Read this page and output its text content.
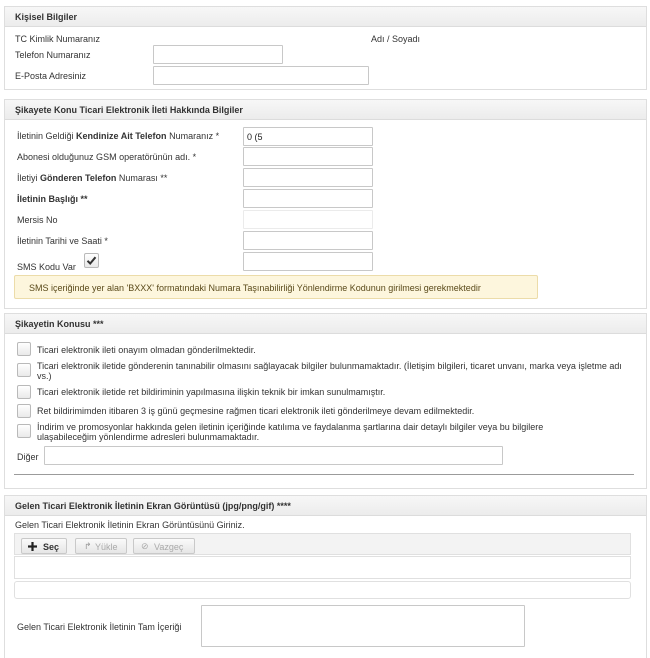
Kişisel Bilgiler
TC Kimlik Numaranız	Adı / Soyadı
Telefon Numaranız
E-Posta Adresiniz
Şikayete Konu Ticari Elektronik İleti Hakkında Bilgiler
İletinin Geldiği Kendinize Ait Telefon Numaranız *
0 (5
Abonesi olduğunuz GSM operatörünün adı. *
İletiyi Gönderen Telefon Numarası **
İletinin Başlığı **
Mersis No
İletinin Tarihi ve Saati *
SMS Kodu Var
SMS içeriğinde yer alan 'BXXX' formatındaki Numara Taşınabilirliği Yönlendirme Kodunun girilmesi gerekmektedir
Şikayetin Konusu ***
Ticari elektronik ileti onayım olmadan gönderilmektedir.
Ticari elektronik iletide gönderenin tanınabilir olmasını sağlayacak bilgiler bulunmamaktadır. (İletişim bilgileri, ticaret unvanı, marka veya işletme adı vs.)
Ticari elektronik iletide ret bildiriminin yapılmasına ilişkin teknik bir imkan sunulmamıştır.
Ret bildirimimden itibaren 3 iş günü geçmesine rağmen ticari elektronik ileti gönderilmeye devam edilmektedir.
İndirim ve promosyonlar hakkında gelen iletinin içeriğinde katılıma ve faydalanma şartlarına dair detaylı bilgiler veya bu bilgilere ulaşabileceğim yönlendirme adresleri bulunmamaktadır.
Diğer
Gelen Ticari Elektronik İletinin Ekran Görüntüsü (jpg/png/gif) ****
Gelen Ticari Elektronik İletinin Ekran Görüntüsünü Giriniz.
Seç	↱ Yükle	⊘ Vazgeç
Gelen Ticari Elektronik İletinin Tam İçeriği
